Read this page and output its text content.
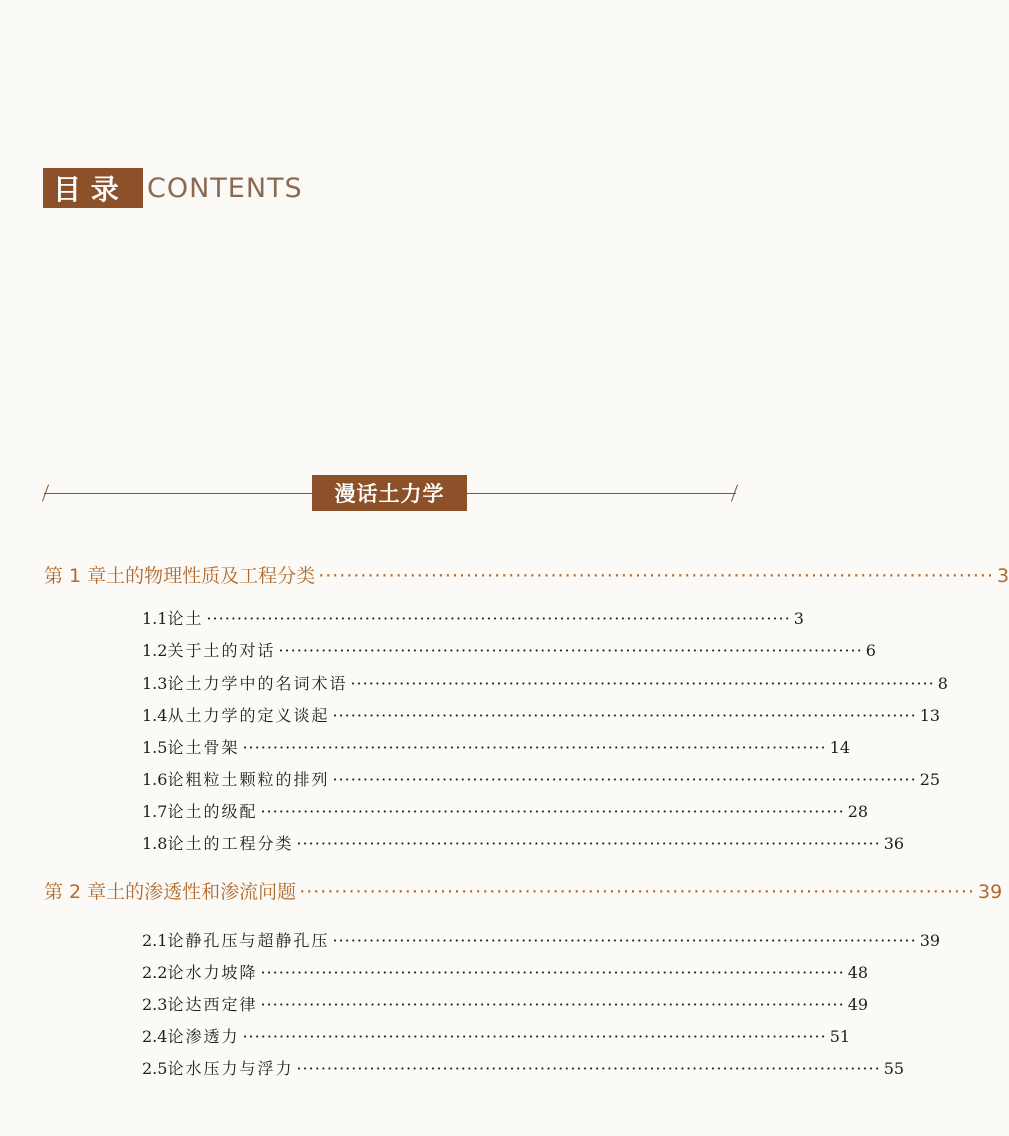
目 录 CONTENTS
漫话土力学
第 1 章 土的物理性质及工程分类 ································································································ 3
1.1 论土 ································································································ 3
1.2 关于土的对话 ································································································ 6
1.3 论土力学中的名词术语 ································································································ 8
1.4 从土力学的定义谈起 ································································································ 13
1.5 论土骨架 ································································································ 14
1.6 论粗粒土颗粒的排列 ································································································ 25
1.7 论土的级配 ································································································ 28
1.8 论土的工程分类 ································································································ 36
第 2 章 土的渗透性和渗流问题 ································································································ 39
2.1 论静孔压与超静孔压 ································································································ 39
2.2 论水力坡降 ································································································ 48
2.3 论达西定律 ································································································ 49
2.4 论渗透力 ································································································ 51
2.5 论水压力与浮力 ································································································ 55
